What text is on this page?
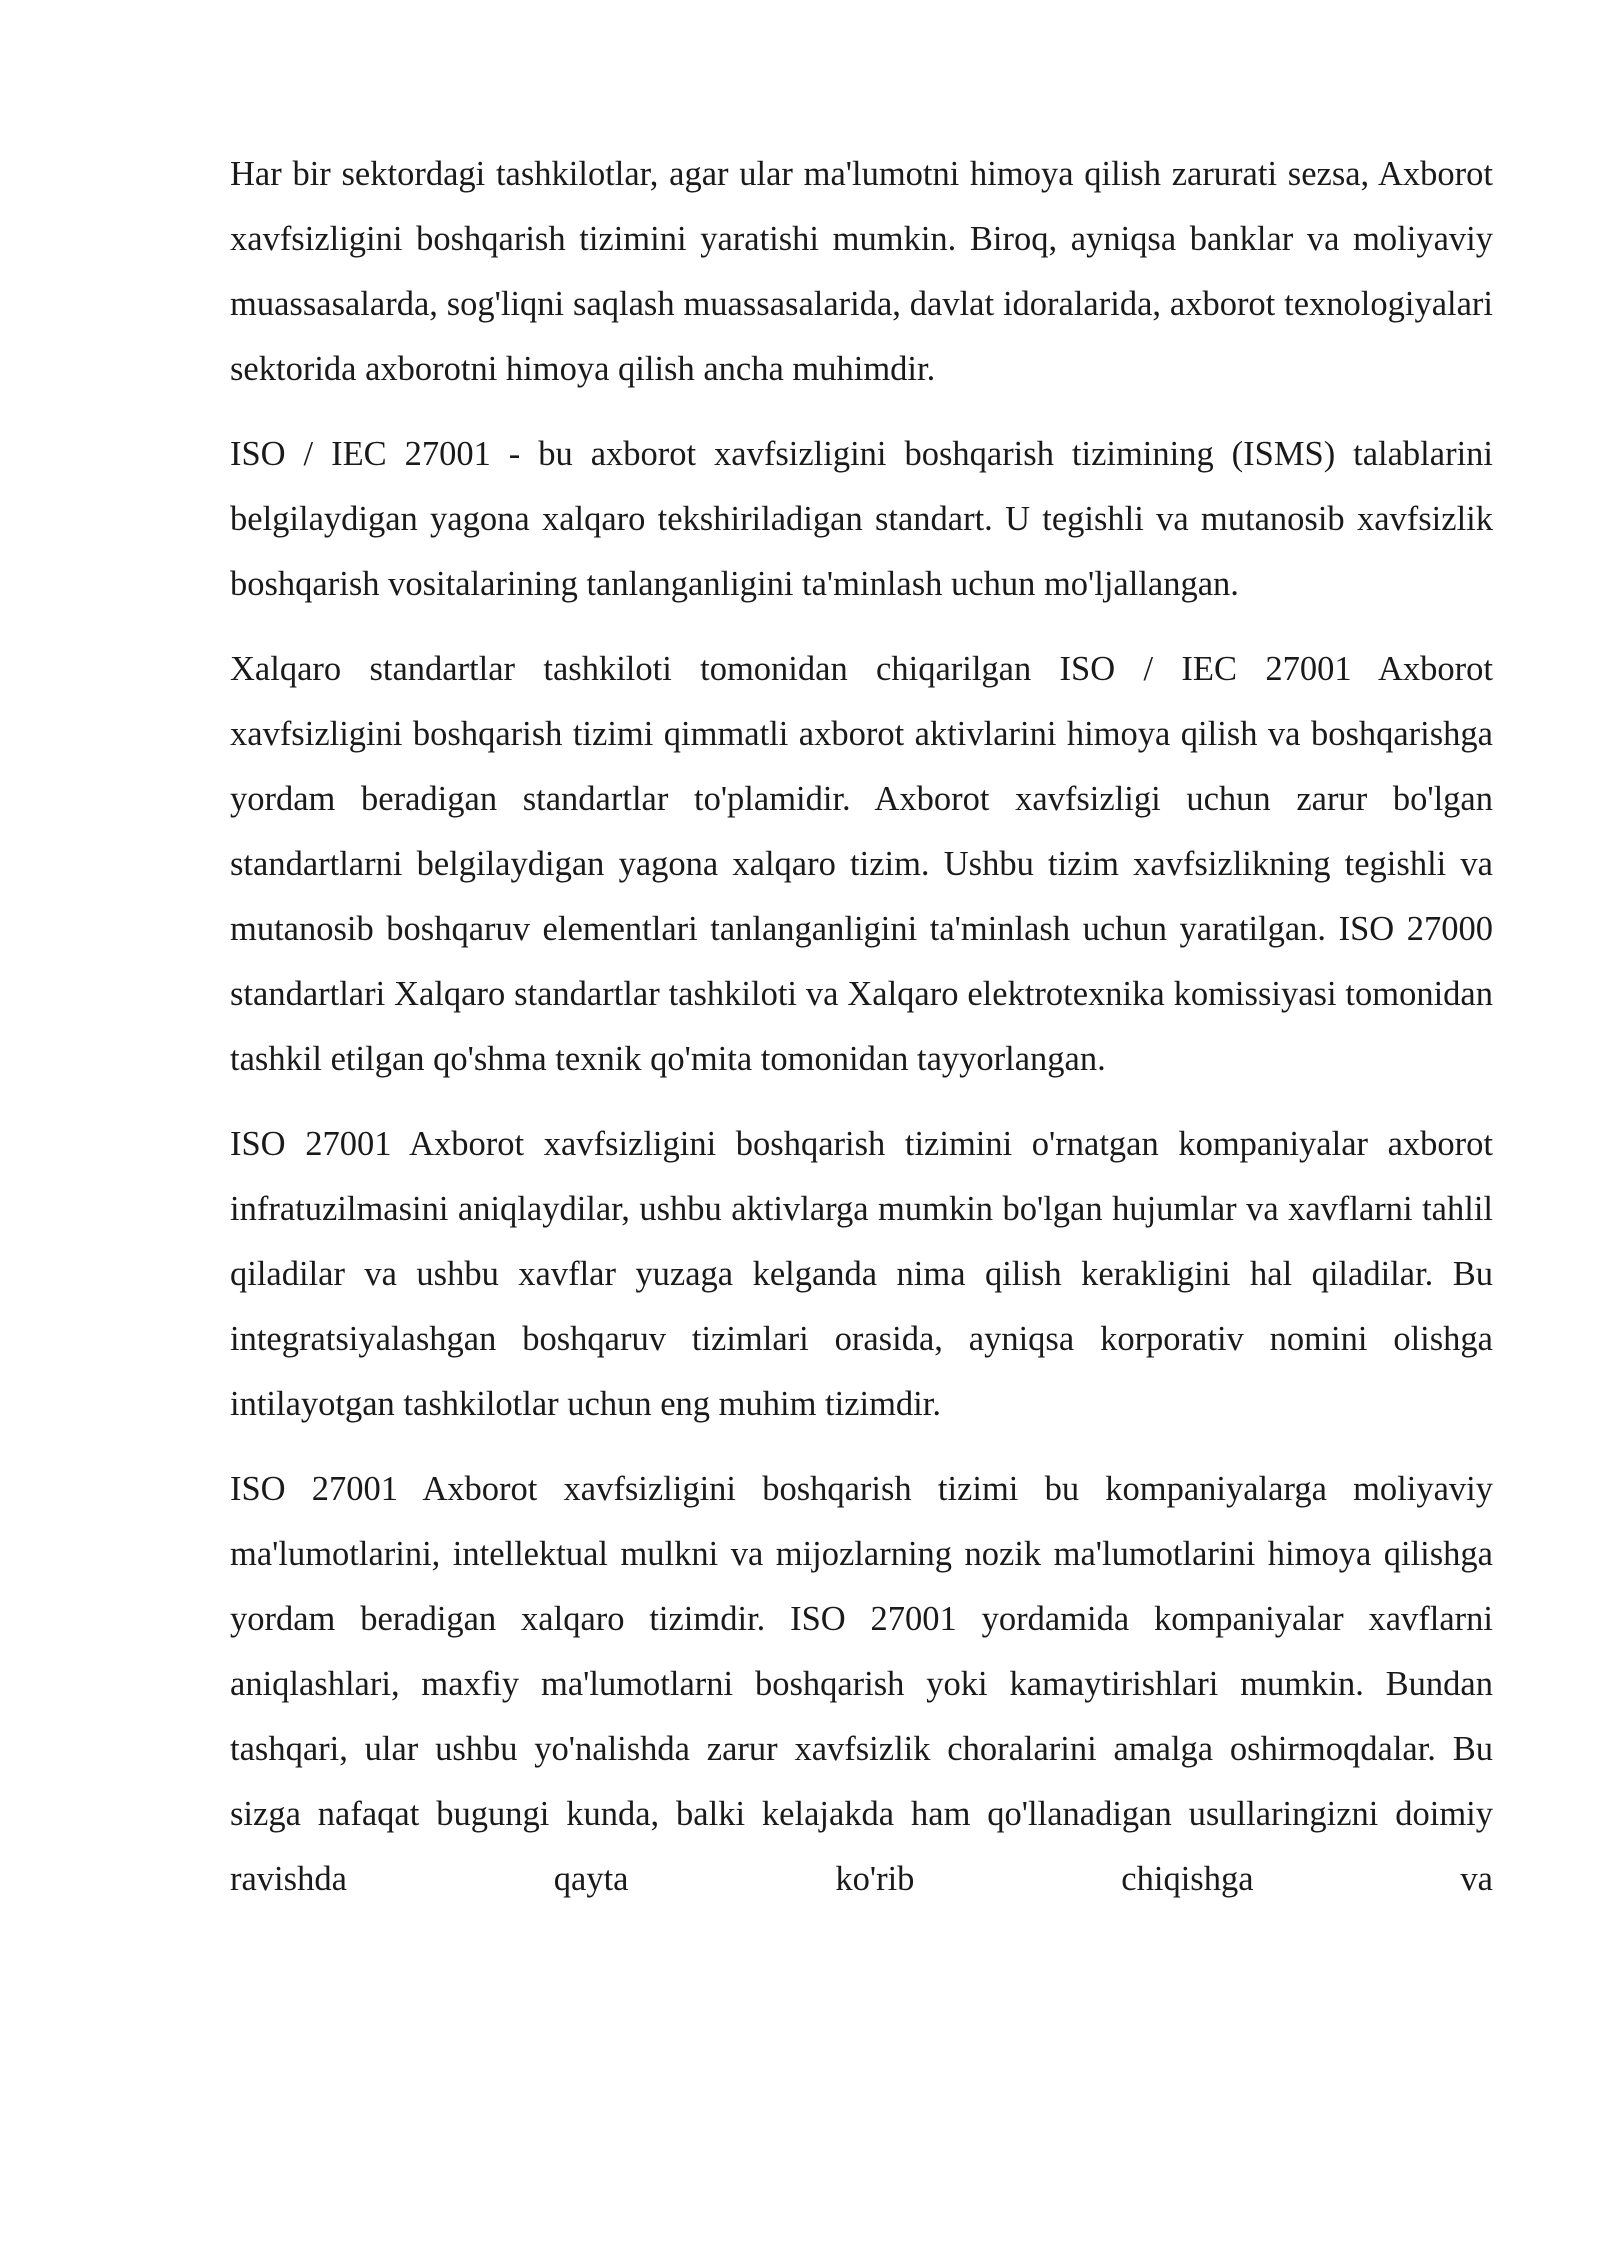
Har bir sektordagi tashkilotlar, agar ular ma'lumotni himoya qilish zarurati sezsa, Axborot xavfsizligini boshqarish tizimini yaratishi mumkin. Biroq, ayniqsa banklar va moliyaviy muassasalarda, sog'liqni saqlash muassasalarida, davlat idoralarida, axborot texnologiyalari sektorida axborotni himoya qilish ancha muhimdir.

ISO / IEC 27001 - bu axborot xavfsizligini boshqarish tizimining (ISMS) talablarini belgilaydigan yagona xalqaro tekshiriladigan standart. U tegishli va mutanosib xavfsizlik boshqarish vositalarining tanlanganligini ta'minlash uchun mo'ljallangan.

Xalqaro standartlar tashkiloti tomonidan chiqarilgan ISO / IEC 27001 Axborot xavfsizligini boshqarish tizimi qimmatli axborot aktivlarini himoya qilish va boshqarishga yordam beradigan standartlar to'plamidir. Axborot xavfsizligi uchun zarur bo'lgan standartlarni belgilaydigan yagona xalqaro tizim. Ushbu tizim xavfsizlikning tegishli va mutanosib boshqaruv elementlari tanlanganligini ta'minlash uchun yaratilgan. ISO 27000 standartlari Xalqaro standartlar tashkiloti va Xalqaro elektrotexnika komissiyasi tomonidan tashkil etilgan qo'shma texnik qo'mita tomonidan tayyorlangan.

ISO 27001 Axborot xavfsizligini boshqarish tizimini o'rnatgan kompaniyalar axborot infratuzilmasini aniqlaydilar, ushbu aktivlarga mumkin bo'lgan hujumlar va xavflarni tahlil qiladilar va ushbu xavflar yuzaga kelganda nima qilish kerakligini hal qiladilar. Bu integratsiyalashgan boshqaruv tizimlari orasida, ayniqsa korporativ nomini olishga intilayotgan tashkilotlar uchun eng muhim tizimdir.

ISO 27001 Axborot xavfsizligini boshqarish tizimi bu kompaniyalarga moliyaviy ma'lumotlarini, intellektual mulkni va mijozlarning nozik ma'lumotlarini himoya qilishga yordam beradigan xalqaro tizimdir. ISO 27001 yordamida kompaniyalar xavflarni aniqlashlari, maxfiy ma'lumotlarni boshqarish yoki kamaytirishlari mumkin. Bundan tashqari, ular ushbu yo'nalishda zarur xavfsizlik choralarini amalga oshirmoqdalar. Bu sizga nafaqat bugungi kunda, balki kelajakda ham qo'llanadigan usullaringizni doimiy ravishda qayta ko'rib chiqishga va
